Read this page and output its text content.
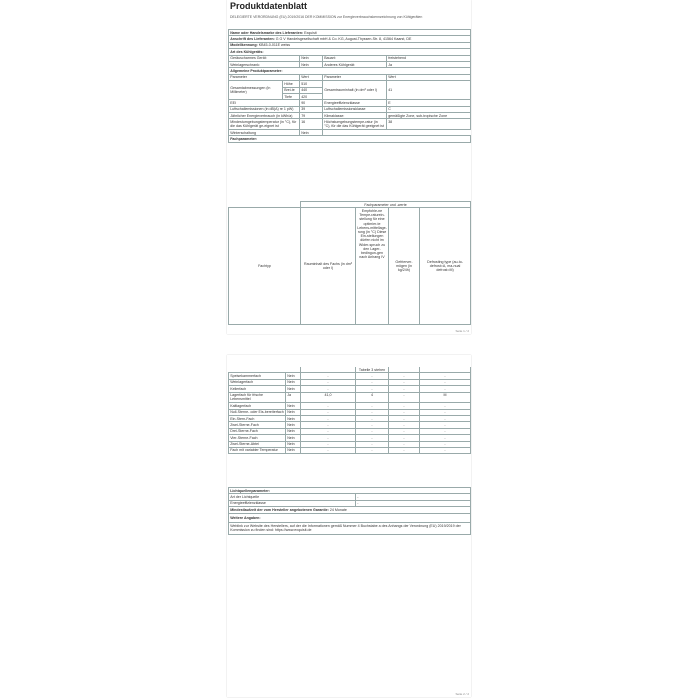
Produktdatenblatt
DELEGIERTE VERORDNUNG (EU) 2019/2016 DER KOMMISSION zur Energieverbrauchskennzeichnung von Kühlgeräten
Name oder Handelsmarke des Lieferanten: Exquisit				
Anschrift des Lieferanten: G G V Handelsgesellschaft mbH & Co. KG, August-Thyssen-Str. 8, 41564 Kaarst, DE				
Modellkennung: KB45-0-011E weiss				
Art des Kühlgeräts:				
Geräuscharmes Gerät:		Nein	Bauart:	freistehend
Weinlagerschrank:		Nein	Anderes Kühlgerät:	Ja
Allgemeine Produktparameter:				
Parameter		Wert	Parameter	Wert
Gesamtabmessungen (in Millimeter)	Höhe	510	Gesamtrauminhalt (in dm³ oder l)	41
	Brei-te	440		
	Tiefe	420		
EEI		90	Energieeffizienzklasse	E
Luftschallemissionen (in dB(A) re 1 pW)		39	Luftschallemissionsklasse	C
Jährlicher Energieverbrauch (in kWh/a)		79	Klimaklasse:	gemäßigte Zone, sub-tropische Zone
Mindestumgebungstemperatur (in °C), für die das Kühlgerät ge-eignet ist		16	Höchstumgebungstempe-ratur (in °C), für die das Kühlgerät geeignet ist	38
Winterschaltung		Nein		
Fachparameter:				
	Fachparameter und -werte			
Fachtyp	Rauminhalt des Fachs (in dm³ oder l)	Empfohle-ne Tempe-raturein-stellung für eine optimier-te Lebens-mittellage-rung (in °C) Diese Ein-stellungen dürfen nicht im Wider-spruch zu den Lager-bedingun-gen nach Anhang IV	Gefrierver-mögen (in kg/24h)	Defrosting type (au-to-defrost=A, ma-nual defrost=M)
Seite 1 / 2
			Tabelle 3 stehen		
Speisekammerfach	Nein	-	-	-	-
Weinlagerfach	Nein	-	-	-	-
Kellerfach	Nein	-	-	-	-
Lagerfach für frische Lebensmittel	Ja	41,0	4	-	M
Kaltlagerfach	Nein	-	-	-	-
Null-Sterne- oder Eis-bereiterfach	Nein	-	-	-	-
Ein-Stern-Fach	Nein	-	-	-	-
Zwei-Sterne-Fach	Nein	-	-	-	-
Drei-Sterne-Fach	Nein	-	-	-	-
Vier-Sterne-Fach	Nein	-	-	-	-
Zwei-Sterne-Abtei	Nein	-	-	-	-
Fach mit variabler Temperatur	Nein	-	-	-	-
Lichtquellenparameter:	
Art der Lichtquelle	-
Energieeffizienzklasse	-
Mindestlaufzeit der vom Hersteller angebotenen Garantie: 24 Monate	
Weitere Angaben:	
Weblink zur Website des Herstellers, auf der die Informationen gemäß Nummer 4 Buchstabe a des Anhangs der Verordnung (EU) 2019/2019 der Kommission zu finden sind: https://www.exquisit.de	
Seite 2 / 2
